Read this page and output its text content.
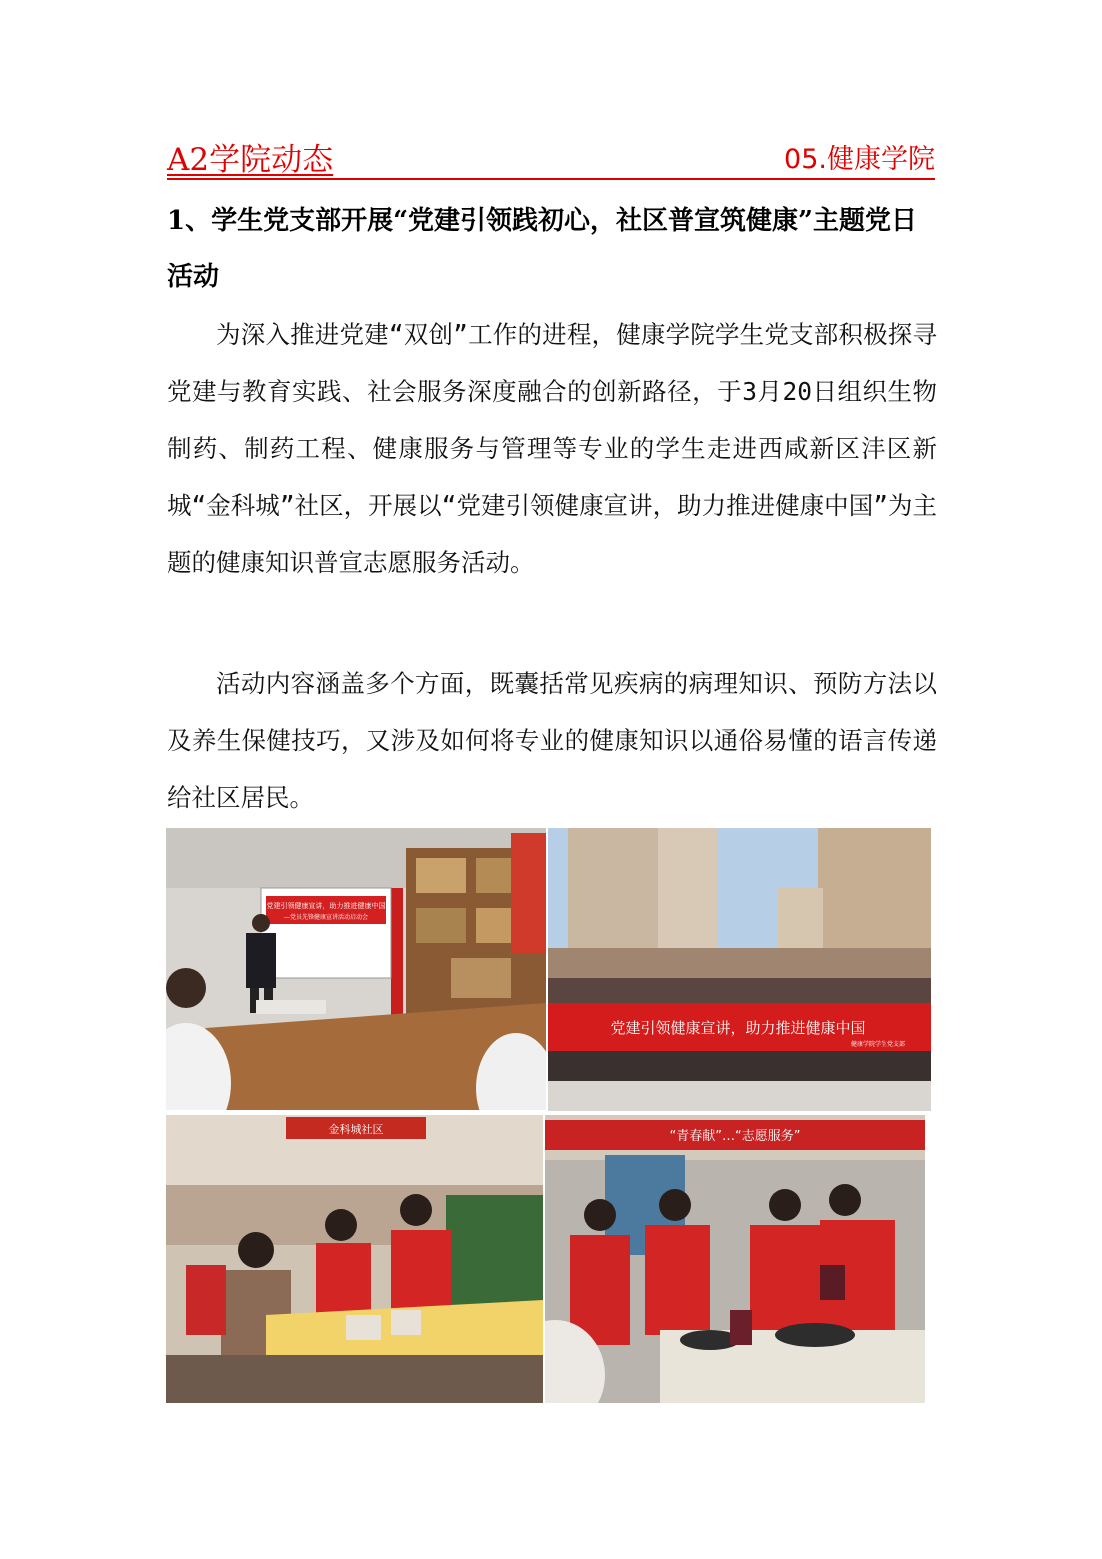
A2学院动态	05.健康学院
1、学生党支部开展“党建引领践初心，社区普宣筑健康”主题党日活动

为深入推进党建“双创”工作的进程，健康学院学生党支部积极探寻党建与教育实践、社会服务深度融合的创新路径，于3月20日组织生物制药、制药工程、健康服务与管理等专业的学生走进西咸新区沣区新城“金科城”社区，开展以“党建引领健康宣讲，助力推进健康中国”为主题的健康知识普宣志愿服务活动。

活动内容涵盖多个方面，既囊括常见疾病的病理知识、预防方法以及养生保健技巧，又涉及如何将专业的健康知识以通俗易懂的语言传递给社区居民。

党建引领健康宣讲，助力推进健康中国
—党员先锋健康宣讲活动启动会
党建引领健康宣讲，助力推进健康中国
健康学院学生党支部
金科城社区	“青春献”…“志愿服务”
